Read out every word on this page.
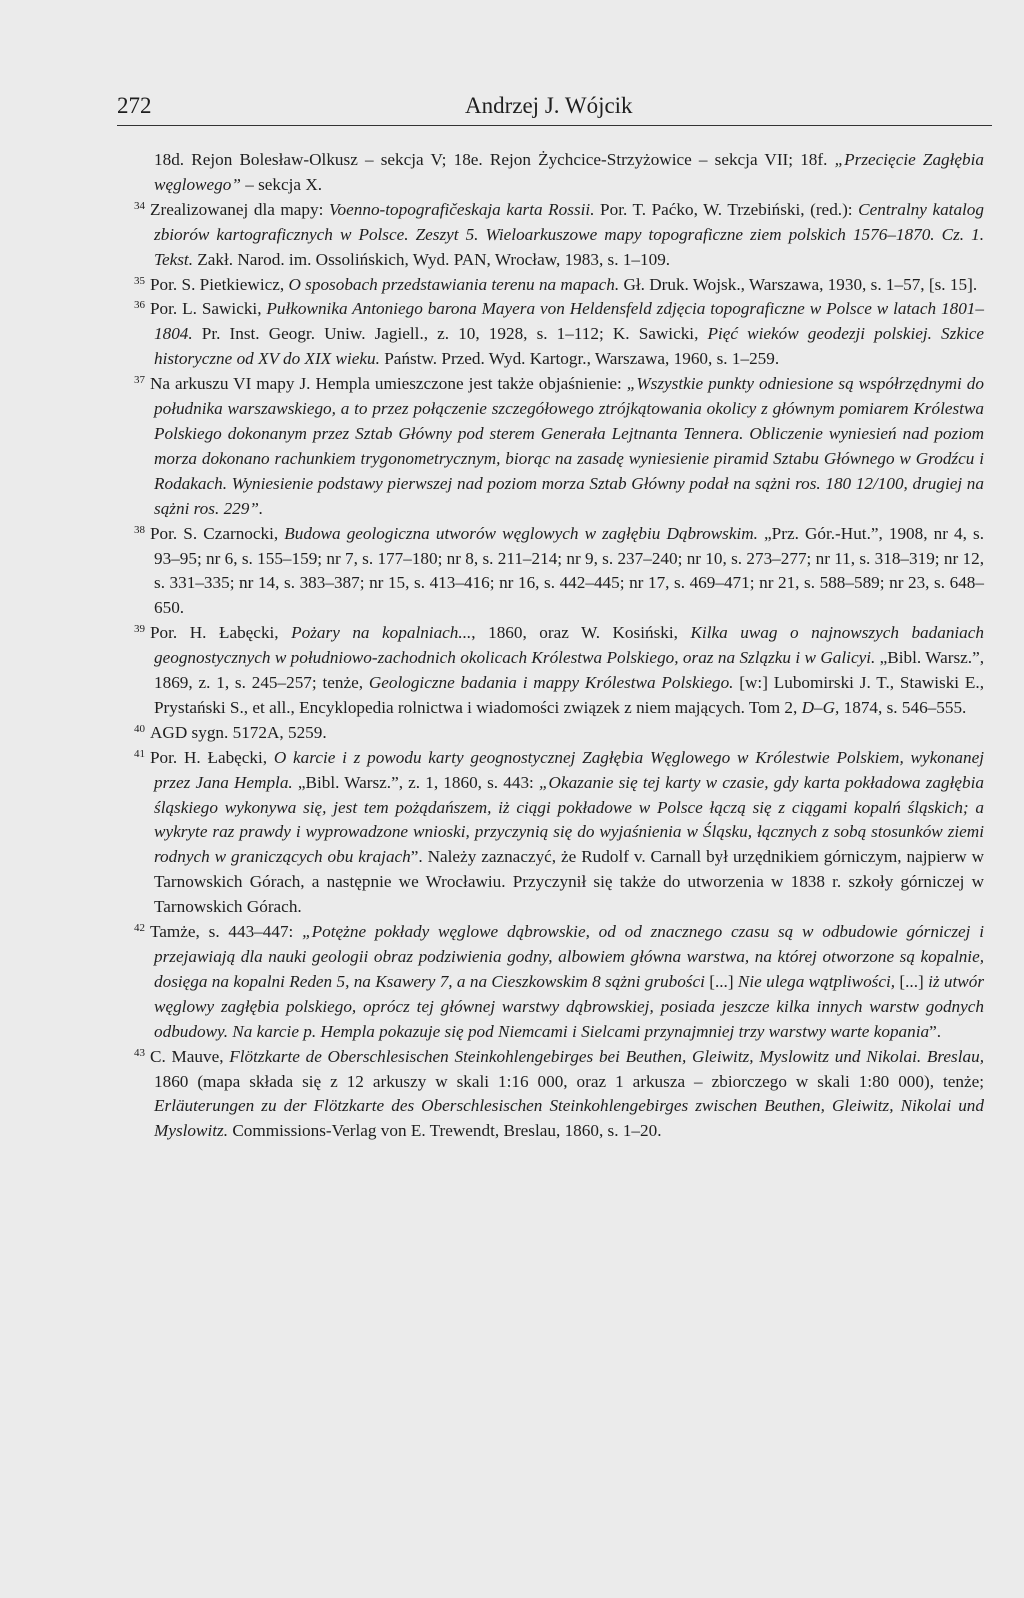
272	Andrzej J. Wójcik

18d. Rejon Bolesław-Olkusz – sekcja V; 18e. Rejon Żychcice-Strzyżowice – sekcja VII; 18f. „Przecięcie Zagłębia węglowego” – sekcja X.

$^{34}$ Zrealizowanej dla mapy: Voenno-topografičeskaja karta Rossii. Por. T. Paćko, W. Trzebiński, (red.): Centralny katalog zbiorów kartograficznych w Polsce. Zeszyt 5. Wieloarkuszowe mapy topograficzne ziem polskich 1576–1870. Cz. 1. Tekst. Zakł. Narod. im. Ossolińskich, Wyd. PAN, Wrocław, 1983, s. 1–109.

$^{35}$ Por. S. Pietkiewicz, O sposobach przedstawiania terenu na mapach. Gł. Druk. Wojsk., Warszawa, 1930, s. 1–57, [s. 15].

$^{36}$ Por. L. Sawicki, Pułkownika Antoniego barona Mayera von Heldensfeld zdjęcia topograficzne w Polsce w latach 1801–1804. Pr. Inst. Geogr. Uniw. Jagiell., z. 10, 1928, s. 1–112; K. Sawicki, Pięć wieków geodezji polskiej. Szkice historyczne od XV do XIX wieku. Państw. Przed. Wyd. Kartogr., Warszawa, 1960, s. 1–259.

$^{37}$ Na arkuszu VI mapy J. Hempla umieszczone jest także objaśnienie: „Wszystkie punkty odniesione są współrzędnymi do południka warszawskiego, a to przez połączenie szczegółowego ztrójkątowania okolicy z głównym pomiarem Królestwa Polskiego dokonanym przez Sztab Główny pod sterem Generała Lejtnanta Tennera. Obliczenie wyniesień nad poziom morza dokonano rachunkiem trygonometrycznym, biorąc na zasadę wyniesienie piramid Sztabu Głównego w Grodźcu i Rodakach. Wyniesienie podstawy pierwszej nad poziom morza Sztab Główny podał na sążni ros. 180 12/100, drugiej na sążni ros. 229”.

$^{38}$ Por. S. Czarnocki, Budowa geologiczna utworów węglowych w zagłębiu Dąbrowskim. „Prz. Gór.-Hut.”, 1908, nr 4, s. 93–95; nr 6, s. 155–159; nr 7, s. 177–180; nr 8, s. 211–214; nr 9, s. 237–240; nr 10, s. 273–277; nr 11, s. 318–319; nr 12, s. 331–335; nr 14, s. 383–387; nr 15, s. 413–416; nr 16, s. 442–445; nr 17, s. 469–471; nr 21, s. 588–589; nr 23, s. 648–650.

$^{39}$ Por. H. Łabęcki, Pożary na kopalniach..., 1860, oraz W. Kosiński, Kilka uwag o najnowszych badaniach geognostycznych w południowo-zachodnich okolicach Królestwa Polskiego, oraz na Szlązku i w Galicyi. „Bibl. Warsz.”, 1869, z. 1, s. 245–257; tenże, Geologiczne badania i mappy Królestwa Polskiego. [w:] Lubomirski J. T., Stawiski E., Prystański S., et all., Encyklopedia rolnictwa i wiadomości związek z niem mających. Tom 2, D–G, 1874, s. 546–555.

$^{40}$ AGD sygn. 5172A, 5259.

$^{41}$ Por. H. Łabęcki, O karcie i z powodu karty geognostycznej Zagłębia Węglowego w Królestwie Polskiem, wykonanej przez Jana Hempla. „Bibl. Warsz.”, z. 1, 1860, s. 443: „Okazanie się tej karty w czasie, gdy karta pokładowa zagłębia śląskiego wykonywa się, jest tem pożądańszem, iż ciągi pokładowe w Polsce łączą się z ciągami kopalń śląskich; a wykryte raz prawdy i wyprowadzone wnioski, przyczynią się do wyjaśnienia w Śląsku, łącznych z sobą stosunków ziemi rodnych w graniczących obu krajach”. Należy zaznaczyć, że Rudolf v. Carnall był urzędnikiem górniczym, najpierw w Tarnowskich Górach, a następnie we Wrocławiu. Przyczynił się także do utworzenia w 1838 r. szkoły górniczej w Tarnowskich Górach.

$^{42}$ Tamże, s. 443–447: „Potężne pokłady węglowe dąbrowskie, od od znacznego czasu są w odbudowie górniczej i przejawiają dla nauki geologii obraz podziwienia godny, albowiem główna warstwa, na której otworzone są kopalnie, dosięga na kopalni Reden 5, na Ksawery 7, a na Cieszkowskim 8 sążni grubości [...] Nie ulega wątpliwości, [...] iż utwór węglowy zagłębia polskiego, oprócz tej głównej warstwy dąbrowskiej, posiada jeszcze kilka innych warstw godnych odbudowy. Na karcie p. Hempla pokazuje się pod Niemcami i Sielcami przynajmniej trzy warstwy warte kopania”.

$^{43}$ C. Mauve, Flötzkarte de Oberschlesischen Steinkohlengebirges bei Beuthen, Gleiwitz, Myslowitz und Nikolai. Breslau, 1860 (mapa składa się z 12 arkuszy w skali 1:16 000, oraz 1 arkusza – zbiorczego w skali 1:80 000), tenże; Erläuterungen zu der Flötzkarte des Oberschlesischen Steinkohlengebirges zwischen Beuthen, Gleiwitz, Nikolai und Myslowitz. Commissions-Verlag von E. Trewendt, Breslau, 1860, s. 1–20.
